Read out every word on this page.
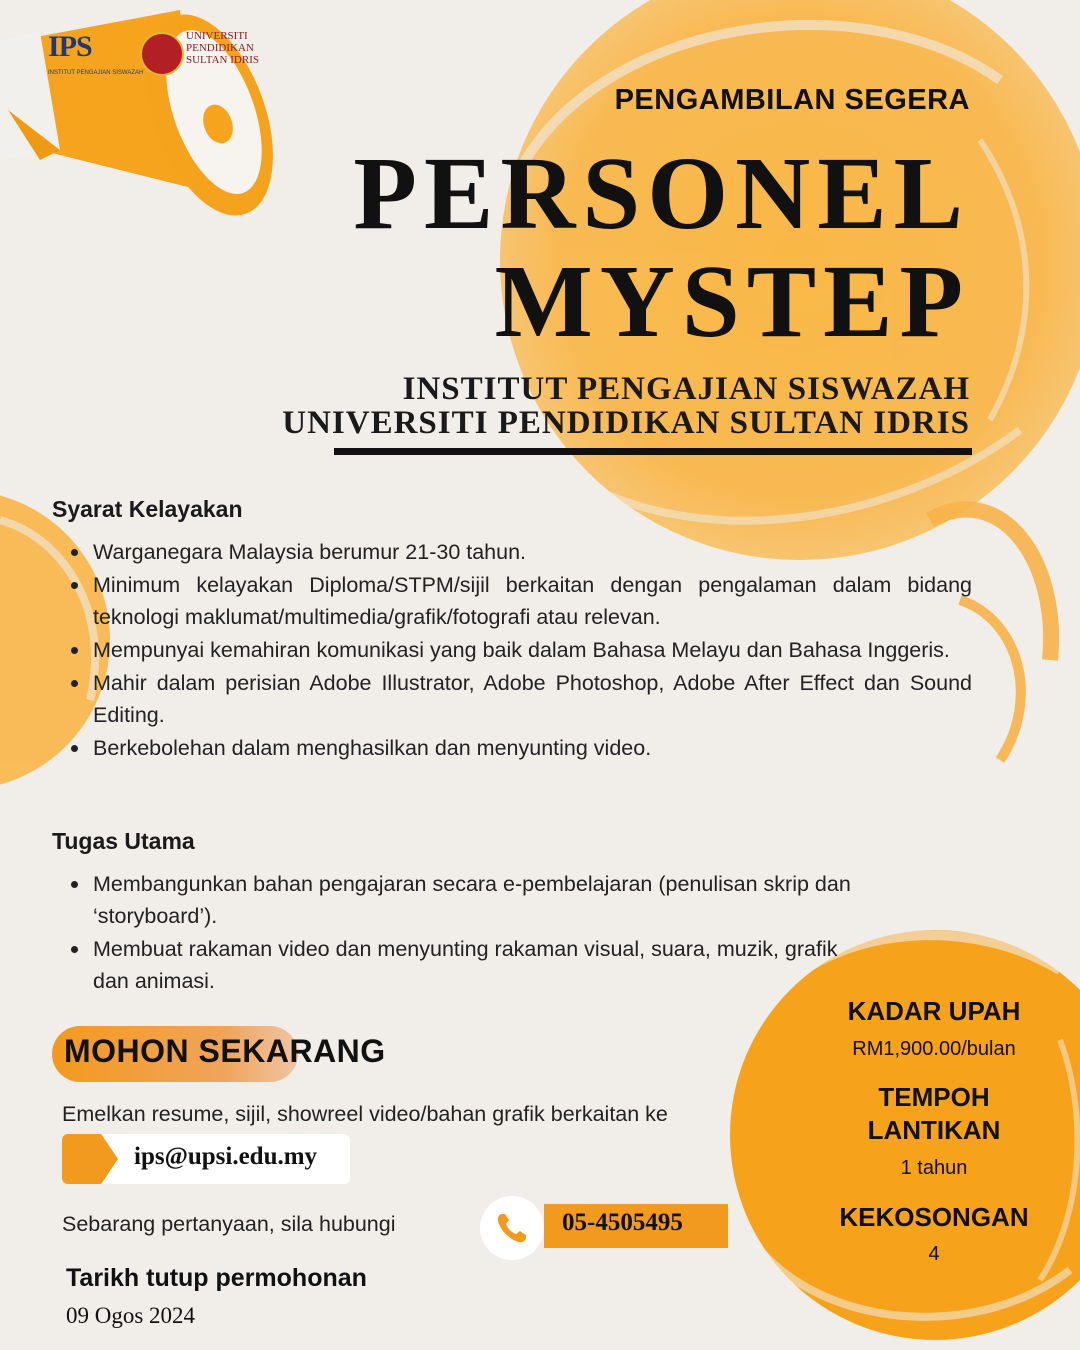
IPS
INSTITUT PENGAJIAN SISWAZAH
UNIVERSITI PENDIDIKAN SULTAN IDRIS
PENGAMBILAN SEGERA
PERSONEL
MYSTEP
INSTITUT PENGAJIAN SISWAZAH
UNIVERSITI PENDIDIKAN SULTAN IDRIS
Syarat Kelayakan
Warganegara Malaysia berumur 21-30 tahun.
Minimum kelayakan Diploma/STPM/sijil berkaitan dengan pengalaman dalam bidang teknologi maklumat/multimedia/grafik/fotografi atau relevan.
Mempunyai kemahiran komunikasi yang baik dalam Bahasa Melayu dan Bahasa Inggeris.
Mahir dalam perisian Adobe Illustrator, Adobe Photoshop, Adobe After Effect dan Sound Editing.
Berkebolehan dalam menghasilkan dan menyunting video.
Tugas Utama
Membangunkan bahan pengajaran secara e-pembelajaran (penulisan skrip dan ‘storyboard’).
Membuat rakaman video dan menyunting rakaman visual, suara, muzik, grafik dan animasi.
MOHON SEKARANG
Emelkan resume, sijil, showreel video/bahan grafik berkaitan ke
ips@upsi.edu.my
Sebarang pertanyaan, sila hubungi	05-4505495
Tarikh tutup permohonan
09 Ogos 2024
KADAR UPAH
RM1,900.00/bulan
TEMPOH
LANTIKAN
1 tahun
KEKOSONGAN
4
